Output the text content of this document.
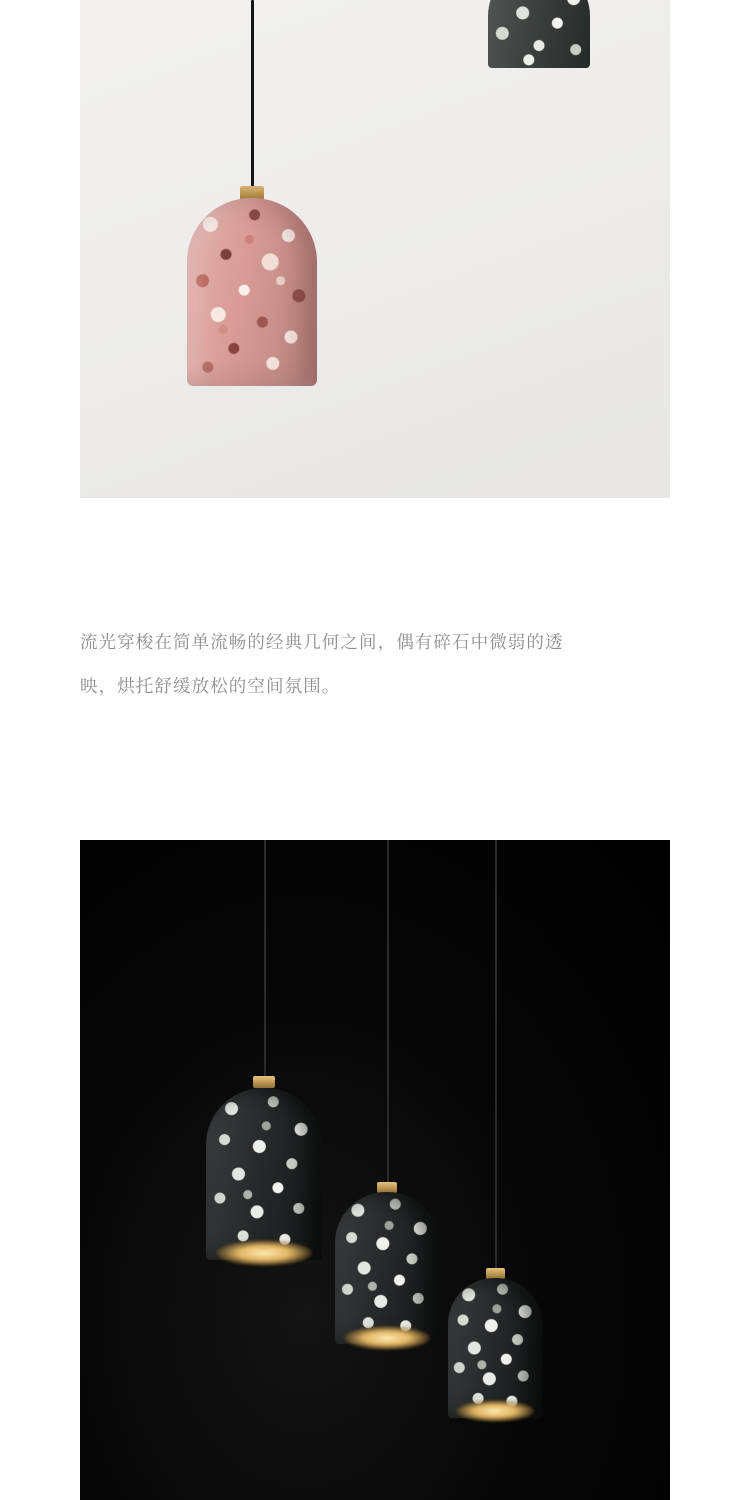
流光穿梭在简单流畅的经典几何之间，偶有碎石中微弱的透
映，烘托舒缓放松的空间氛围。
